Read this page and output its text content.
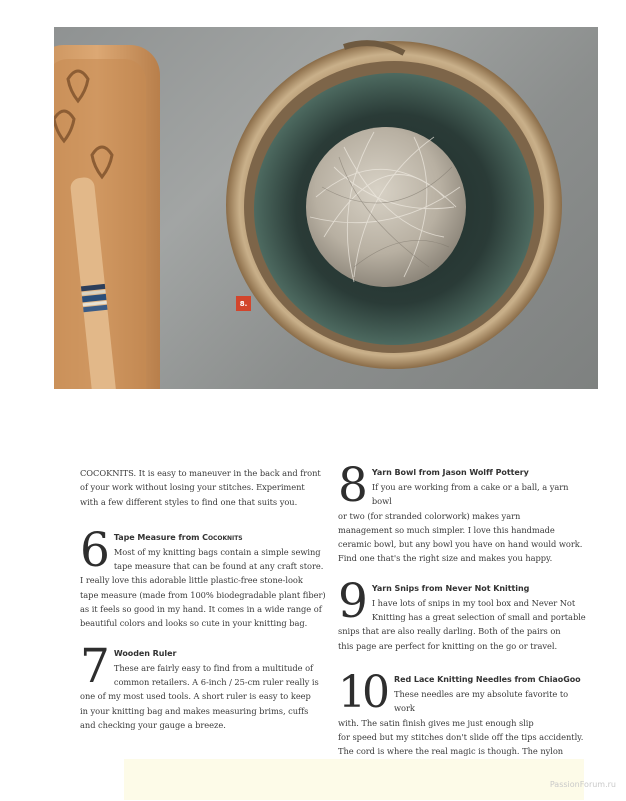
8.

COCOKNITS. It is easy to maneuver in the back and front

of your work without losing your stitches. Experiment

with a few different styles to find one that suits you.

6 Tape Measure from Cocoknits

Most of my knitting bags contain a simple sewing

tape measure that can be found at any craft store.

I really love this adorable little plastic-free stone-look

tape measure (made from 100% biodegradable plant fiber)

as it feels so good in my hand. It comes in a wide range of

beautiful colors and looks so cute in your knitting bag.

7 Wooden Ruler

These are fairly easy to find from a multitude of

common retailers. A 6-inch / 25-cm ruler really is

one of my most used tools. A short ruler is easy to keep

in your knitting bag and makes measuring brims, cuffs

and checking your gauge a breeze.

8 Yarn Bowl from Jason Wolff Pottery

If you are working from a cake or a ball, a yarn bowl

or two (for stranded colorwork) makes yarn

management so much simpler. I love this handmade

ceramic bowl, but any bowl you have on hand would work.

Find one that's the right size and makes you happy.

9 Yarn Snips from Never Not Knitting

I have lots of snips in my tool box and Never Not

Knitting has a great selection of small and portable

snips that are also really darling. Both of the pairs on

this page are perfect for knitting on the go or travel.

10	Red Lace Knitting Needles from ChiaoGoo

These needles are my absolute favorite to work

with. The satin finish gives me just enough slip

for speed but my stitches don't slide off the tips accidently.

The cord is where the real magic is though. The nylon

PassionForum.ru
